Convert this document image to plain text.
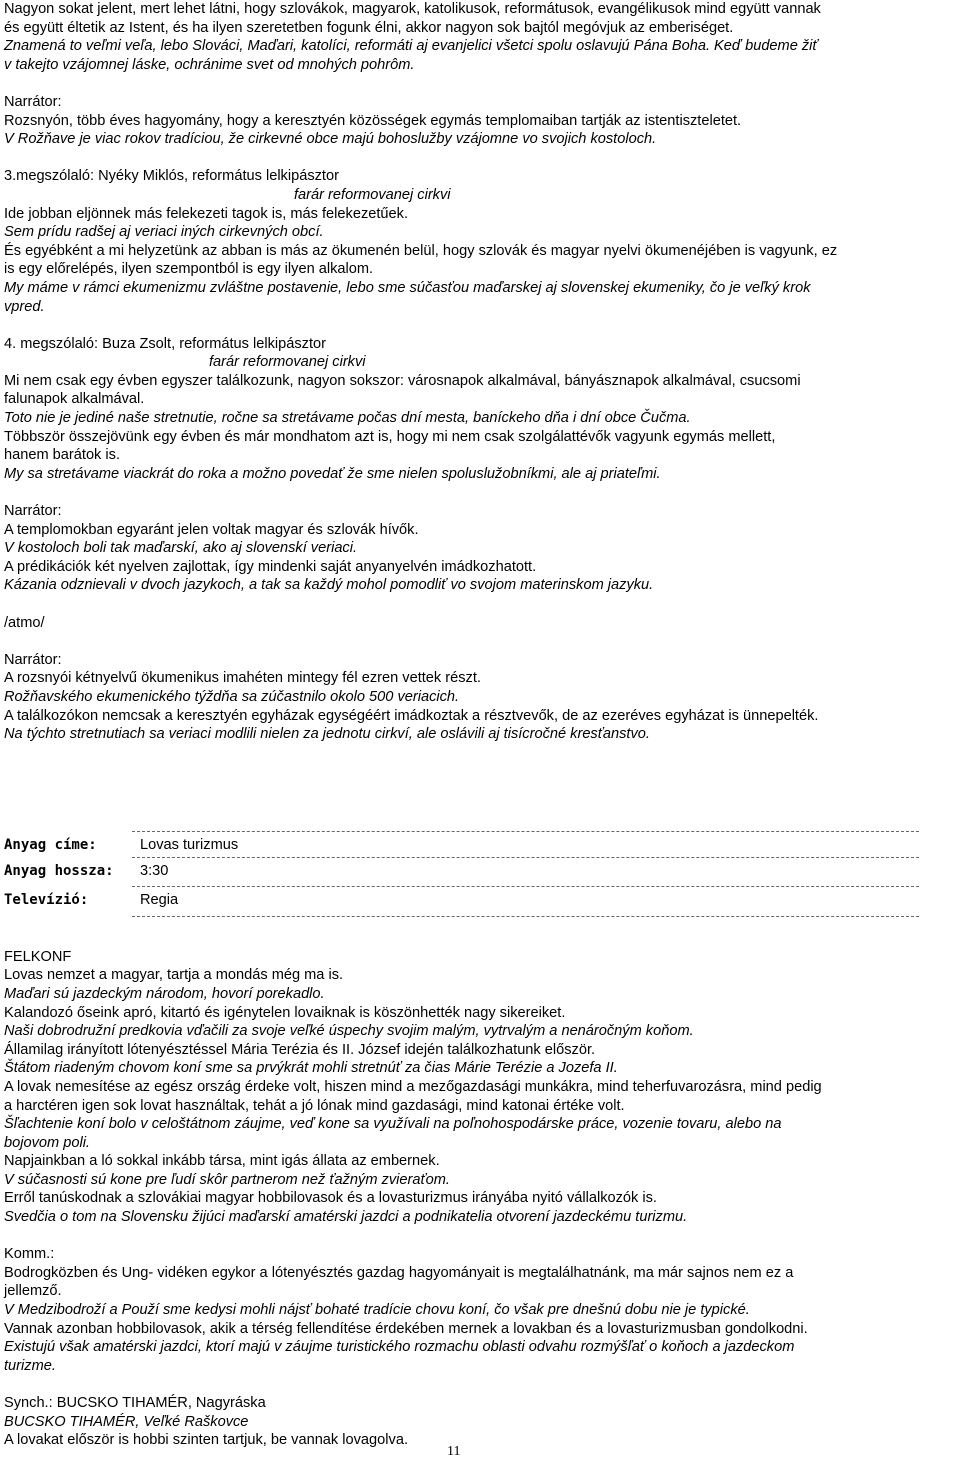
Nagyon sokat jelent, mert lehet látni, hogy szlovákok, magyarok, katolikusok, reformátusok, evangélikusok mind együtt vannak
és együtt éltetik az Istent, és ha ilyen szeretetben fogunk élni, akkor nagyon sok bajtól megóvjuk az emberiséget.
Znamená to veľmi veľa, lebo Slováci, Maďari, katolíci, reformáti aj evanjelici všetci spolu oslavujú Pána Boha. Keď budeme žiť
v takejto vzájomnej láske, ochránime svet od mnohých pohrôm.
Narrátor:
Rozsnyón, több éves hagyomány, hogy a keresztyén közösségek egymás templomaiban tartják az istentiszteletet.
V Rožňave je viac rokov tradíciou, že cirkevné obce majú bohoslužby vzájomne vo svojich kostoloch.
3.megszólaló: Nyéky Miklós, református lelkipásztor
farár reformovanej cirkvi
Ide jobban eljönnek más felekezeti tagok is, más felekezetűek.
Sem prídu radšej aj veriaci iných cirkevných obcí.
És egyébként a mi helyzetünk az abban is más az ökumenén belül, hogy szlovák és magyar nyelvi ökumenéjében is vagyunk, ez
is egy előrelépés, ilyen szempontból is egy ilyen alkalom.
My máme v rámci ekumenizmu zvláštne postavenie, lebo sme súčasťou maďarskej aj slovenskej ekumeniky, čo je veľký krok
vpred.
4. megszólaló: Buza Zsolt, református lelkipásztor
farár reformovanej cirkvi
Mi nem csak egy évben egyszer találkozunk, nagyon sokszor: városnapok alkalmával, bányásznapok alkalmával, csucsomi
falunapok alkalmával.
Toto nie je jediné naše stretnutie, ročne sa stretávame počas dní mesta, baníckeho dňa i dní obce Čučma.
Többször összejövünk egy évben és már mondhatom azt is, hogy mi nem csak szolgálattévők vagyunk egymás mellett,
hanem barátok is.
My sa stretávame viackrát do roka a možno povedať že sme nielen spoluslužobníkmi, ale aj priateľmi.
Narrátor:
A templomokban egyaránt jelen voltak magyar és szlovák hívők.
V kostoloch boli tak maďarskí, ako aj slovenskí veriaci.
A prédikációk két nyelven zajlottak, így mindenki saját anyanyelvén imádkozhatott.
Kázania odznievali v dvoch jazykoch, a tak sa každý mohol pomodliť vo svojom materinskom jazyku.
/atmo/
Narrátor:
A rozsnyói kétnyelvű ökumenikus imahéten mintegy fél ezren vettek részt.
Rožňavského ekumenického týždňa sa zúčastnilo okolo 500 veriacich.
A találkozókon nemcsak a keresztyén egyházak egységéért imádkoztak a résztvevők, de az ezeréves egyházat is ünnepelték.
Na týchto stretnutiach sa veriaci modlili nielen za jednotu cirkví, ale oslávili aj tisícročné kresťanstvo.
Anyag címe:	Lovas turizmus
Anyag hossza: 3:30
Televízió:	Regia
FELKONF
Lovas nemzet a magyar, tartja a mondás még ma is.
Maďari sú jazdeckým národom, hovorí porekadlo.
Kalandozó őseink apró, kitartó és igénytelen lovaiknak is köszönhették nagy sikereiket.
Naši dobrodružní predkovia vďačili za svoje veľké úspechy svojim malým, vytrvalým a nenáročným koňom.
Államilag irányított lótenyésztéssel Mária Terézia és II. József idején találkozhatunk először.
Štátom riadeným chovom koní sme sa prvýkrát mohli stretnúť za čias Márie Terézie a Jozefa II.
A lovak nemesítése az egész ország érdeke volt, hiszen mind a mezőgazdasági munkákra, mind teherfuvarozásra, mind pedig
a harctéren igen sok lovat használtak, tehát a jó lónak mind gazdasági, mind katonai értéke volt.
Šľachtenie koní bolo v celoštátnom záujme, veď kone sa využívali na poľnohospodárske práce, vozenie tovaru, alebo na
bojovom poli.
Napjainkban a ló sokkal inkább társa, mint igás állata az embernek.
V súčasnosti sú kone pre ľudí skôr partnerom než ťažným zvieraťom.
Erről tanúskodnak a szlovákiai magyar hobbilovasok és a lovasturizmus irányába nyitó vállalkozók is.
Svedčia o tom na Slovensku žijúci maďarskí amatérski jazdci a podnikatelia otvorení jazdeckému turizmu.
Komm.:
Bodrogközben és Ung- vidéken egykor a lótenyésztés gazdag hagyományait is megtalálhatnánk, ma már sajnos nem ez a
jellemző.
V Medzibodroží a Použí sme kedysi mohli nájsť bohaté tradície chovu koní, čo však pre dnešnú dobu nie je typické.
Vannak azonban hobbilovasok, akik a térség fellendítése érdekében mernek a lovakban és a lovasturizmusban gondolkodni.
Existujú však amatérski jazdci, ktorí majú v záujme turistického rozmachu oblasti odvahu rozmýšľať o koňoch a jazdeckom
turizme.
Synch.: BUCSKO TIHAMÉR, Nagyráska
BUCSKO TIHAMÉR, Veľké Raškovce
A lovakat először is hobbi szinten tartjuk, be vannak lovagolva.
11
